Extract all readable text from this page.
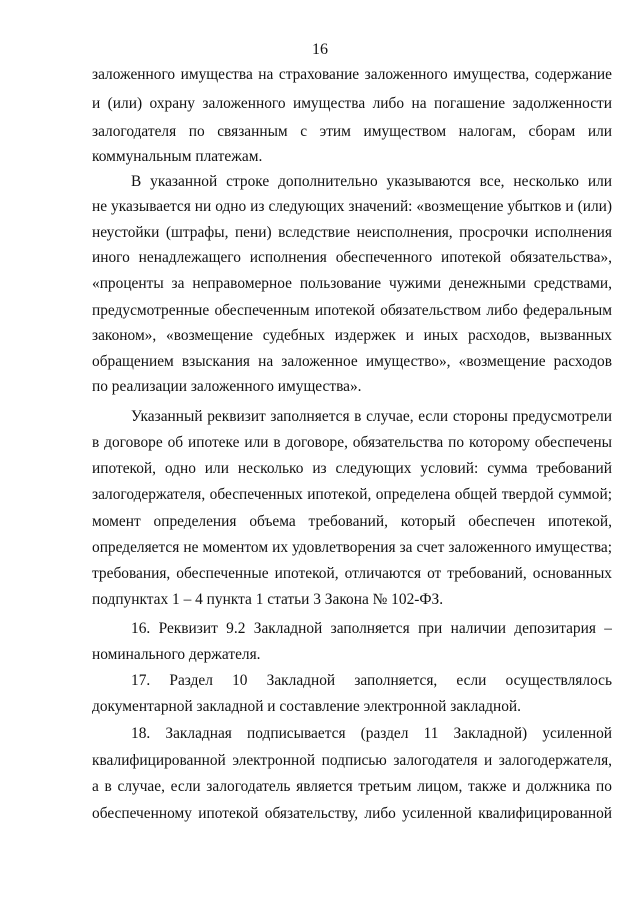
16
заложенного имущества на страхование заложенного имущества, содержание
и (или) охрану заложенного имущества либо на погашение задолженности
залогодателя по связанным с этим имуществом налогам, сборам или
коммунальным платежам.
В указанной строке дополнительно указываются все, несколько или
не указывается ни одно из следующих значений: «возмещение убытков и (или)
неустойки (штрафы, пени) вследствие неисполнения, просрочки исполнения
иного ненадлежащего исполнения обеспеченного ипотекой обязательства»,
«проценты за неправомерное пользование чужими денежными средствами,
предусмотренные обеспеченным ипотекой обязательством либо федеральным
законом», «возмещение судебных издержек и иных расходов, вызванных
обращением взыскания на заложенное имущество», «возмещение расходов
по реализации заложенного имущества».
Указанный реквизит заполняется в случае, если стороны предусмотрели
в договоре об ипотеке или в договоре, обязательства по которому обеспечены
ипотекой, одно или несколько из следующих условий: сумма требований
залогодержателя, обеспеченных ипотекой, определена общей твердой суммой;
момент определения объема требований, который обеспечен ипотекой,
определяется не моментом их удовлетворения за счет заложенного имущества;
требования, обеспеченные ипотекой, отличаются от требований, основанных
подпунктах 1 – 4 пункта 1 статьи 3 Закона № 102-ФЗ.
16. Реквизит 9.2 Закладной заполняется при наличии депозитария –
номинального держателя.
17. Раздел 10 Закладной заполняется, если осуществлялось
документарной закладной и составление электронной закладной.
18. Закладная подписывается (раздел 11 Закладной) усиленной
квалифицированной электронной подписью залогодателя и залогодержателя,
а в случае, если залогодатель является третьим лицом, также и должника по
обеспеченному ипотекой обязательству, либо усиленной квалифицированной
